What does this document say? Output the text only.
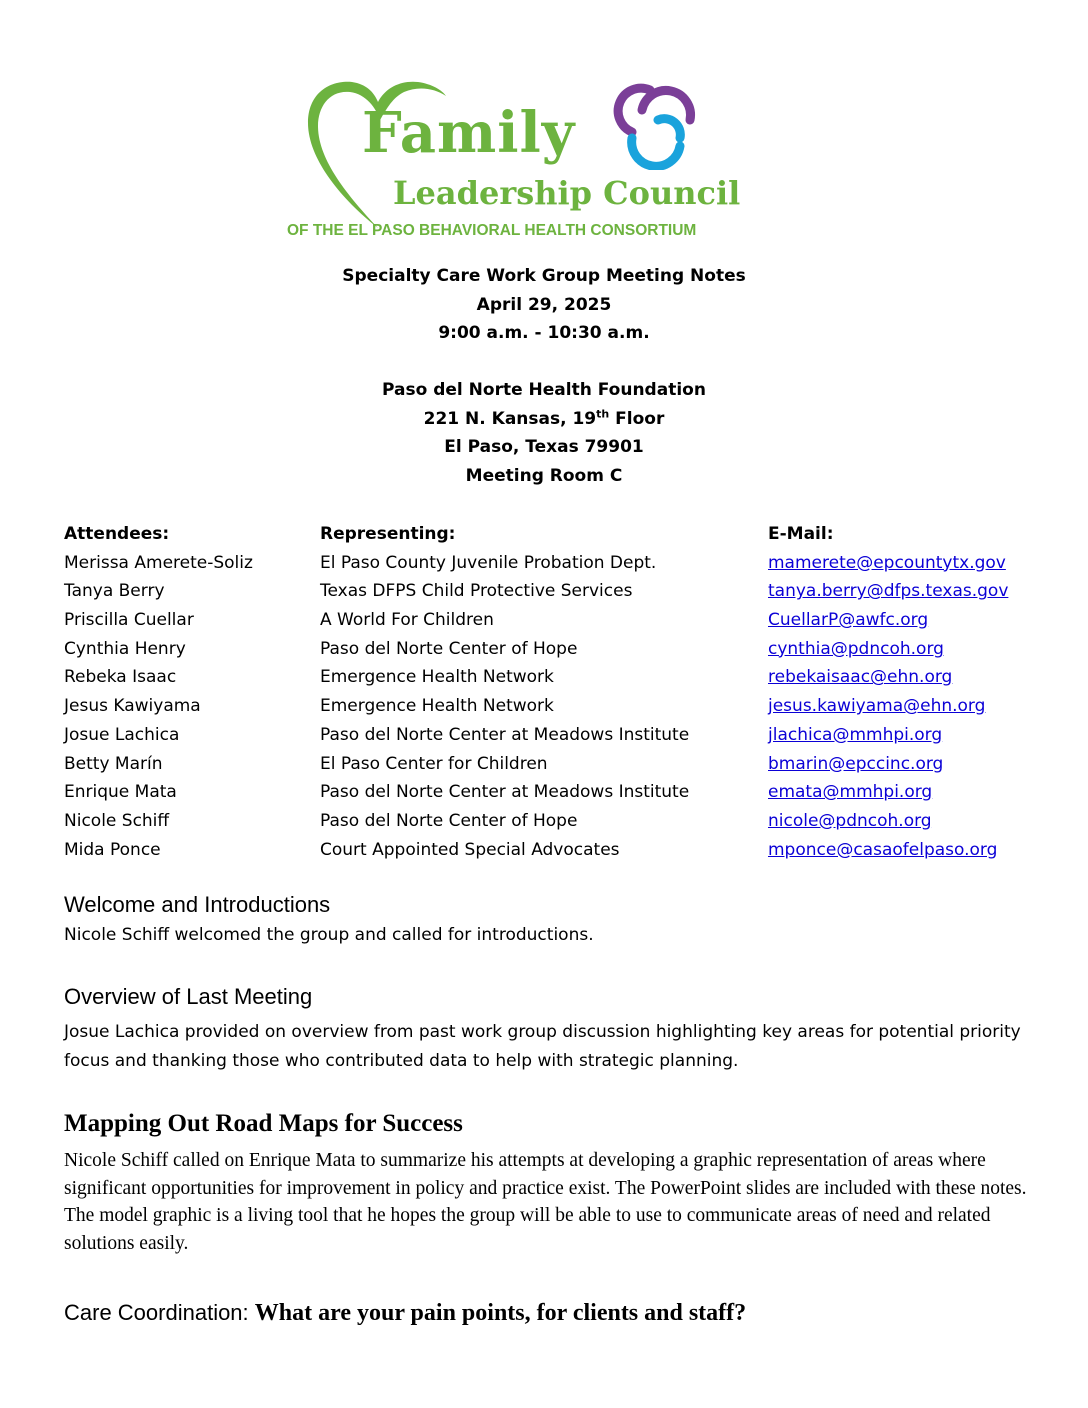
Family
Leadership Council
OF THE EL PASO BEHAVIORAL HEALTH CONSORTIUM
Specialty Care Work Group Meeting Notes
April 29, 2025
9:00 a.m. - 10:30 a.m.
Paso del Norte Health Foundation
221 N. Kansas, 19th Floor
El Paso, Texas 79901
Meeting Room C
Attendees:	Representing:	E-Mail:
Merissa Amerete-Soliz	El Paso County Juvenile Probation Dept.	mamerete@epcountytx.gov
Tanya Berry	Texas DFPS Child Protective Services	tanya.berry@dfps.texas.gov
Priscilla Cuellar	A World For Children	CuellarP@awfc.org
Cynthia Henry	Paso del Norte Center of Hope	cynthia@pdncoh.org
Rebeka Isaac	Emergence Health Network	rebekaisaac@ehn.org
Jesus Kawiyama	Emergence Health Network	jesus.kawiyama@ehn.org
Josue Lachica	Paso del Norte Center at Meadows Institute	jlachica@mmhpi.org
Betty Marín	El Paso Center for Children	bmarin@epccinc.org
Enrique Mata	Paso del Norte Center at Meadows Institute	emata@mmhpi.org
Nicole Schiff	Paso del Norte Center of Hope	nicole@pdncoh.org
Mida Ponce	Court Appointed Special Advocates	mponce@casaofelpaso.org
Welcome and Introductions
Nicole Schiff welcomed the group and called for introductions.
Overview of Last Meeting
Josue Lachica provided on overview from past work group discussion highlighting key areas for potential priority focus and thanking those who contributed data to help with strategic planning.
Mapping Out Road Maps for Success
Nicole Schiff called on Enrique Mata to summarize his attempts at developing a graphic representation of areas where significant opportunities for improvement in policy and practice exist. The PowerPoint slides are included with these notes. The model graphic is a living tool that he hopes the group will be able to use to communicate areas of need and related solutions easily.
Care Coordination: What are your pain points, for clients and staff?
